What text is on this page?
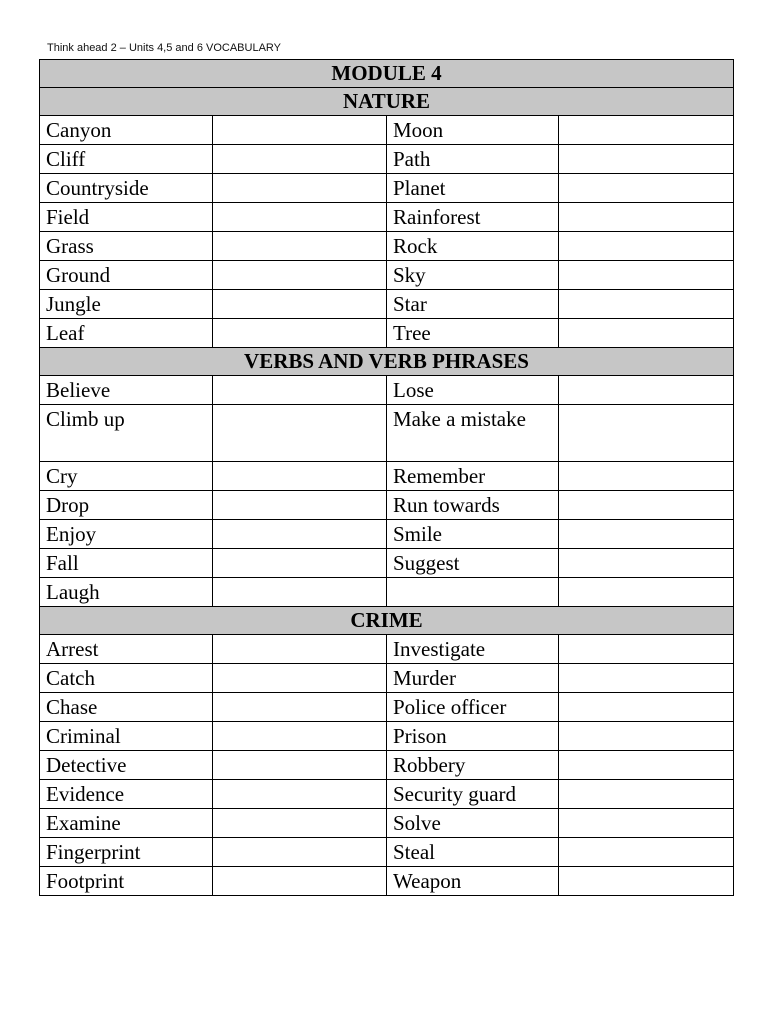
Think ahead 2 – Units 4,5 and 6 VOCABULARY
MODULE 4			
NATURE			
Canyon		Moon	
Cliff		Path	
Countryside		Planet	
Field		Rainforest	
Grass		Rock	
Ground		Sky	
Jungle		Star	
Leaf		Tree	
VERBS AND VERB PHRASES			
Believe		Lose	
Climb up		Make a mistake	
Cry		Remember	
Drop		Run towards	
Enjoy		Smile	
Fall		Suggest	
Laugh			
CRIME			
Arrest		Investigate	
Catch		Murder	
Chase		Police officer	
Criminal		Prison	
Detective		Robbery	
Evidence		Security guard	
Examine		Solve	
Fingerprint		Steal	
Footprint		Weapon	
